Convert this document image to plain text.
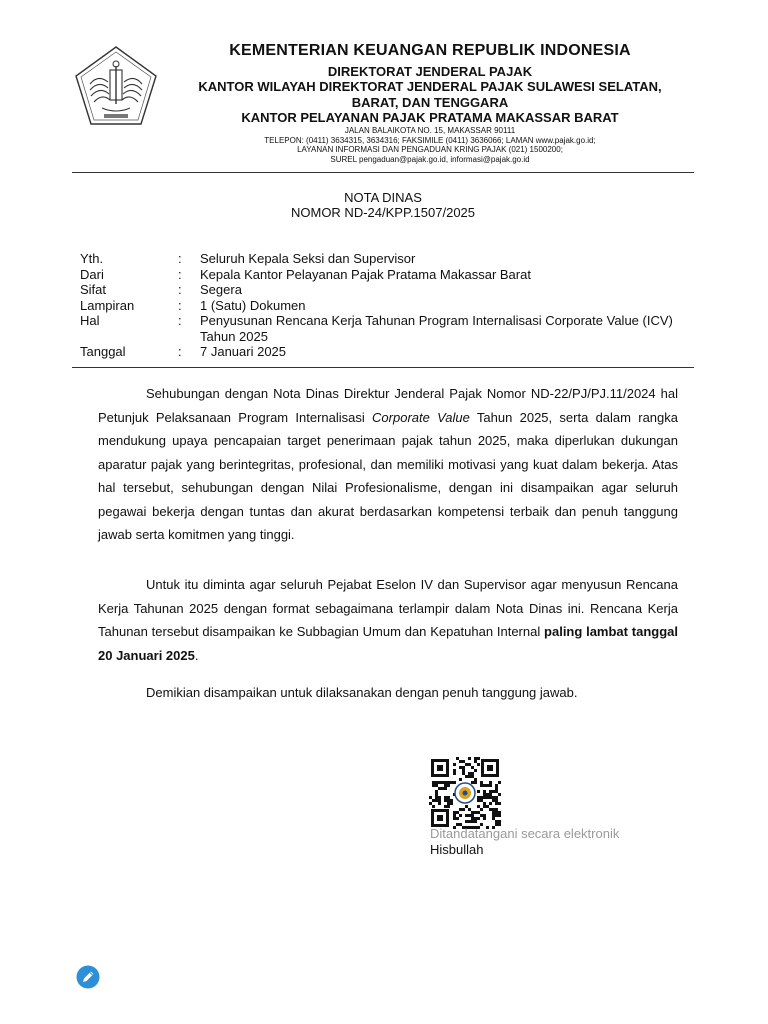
KEMENTERIAN KEUANGAN REPUBLIK INDONESIA
DIREKTORAT JENDERAL PAJAK
KANTOR WILAYAH DIREKTORAT JENDERAL PAJAK SULAWESI SELATAN,
BARAT, DAN TENGGARA
KANTOR PELAYANAN PAJAK PRATAMA MAKASSAR BARAT
JALAN BALAIKOTA NO. 15, MAKASSAR 90111
TELEPON: (0411) 3634315, 3634316; FAKSIMILE (0411) 3636066; LAMAN www.pajak.go.id;
LAYANAN INFORMASI DAN PENGADUAN KRING PAJAK (021) 1500200;
SUREL pengaduan@pajak.go.id, informasi@pajak.go.id
NOTA DINAS
NOMOR ND-24/KPP.1507/2025
Yth.	:	Seluruh Kepala Seksi dan Supervisor
Dari	:	Kepala Kantor Pelayanan Pajak Pratama Makassar Barat
Sifat	:	Segera
Lampiran	:	1 (Satu) Dokumen
Hal	:	Penyusunan Rencana Kerja Tahunan Program Internalisasi Corporate Value (ICV) Tahun 2025
Tanggal	:	7 Januari 2025
Sehubungan dengan Nota Dinas Direktur Jenderal Pajak Nomor ND-22/PJ/PJ.11/2024 hal Petunjuk Pelaksanaan Program Internalisasi Corporate Value Tahun 2025, serta dalam rangka mendukung upaya pencapaian target penerimaan pajak tahun 2025, maka diperlukan dukungan aparatur pajak yang berintegritas, profesional, dan memiliki motivasi yang kuat dalam bekerja. Atas hal tersebut, sehubungan dengan Nilai Profesionalisme, dengan ini disampaikan agar seluruh pegawai bekerja dengan tuntas dan akurat berdasarkan kompetensi terbaik dan penuh tanggung jawab serta komitmen yang tinggi.
Untuk itu diminta agar seluruh Pejabat Eselon IV dan Supervisor agar menyusun Rencana Kerja Tahunan 2025 dengan format sebagaimana terlampir dalam Nota Dinas ini. Rencana Kerja Tahunan tersebut disampaikan ke Subbagian Umum dan Kepatuhan Internal paling lambat tanggal 20 Januari 2025.
Demikian disampaikan untuk dilaksanakan dengan penuh tanggung jawab.
Ditandatangani secara elektronik
Hisbullah
